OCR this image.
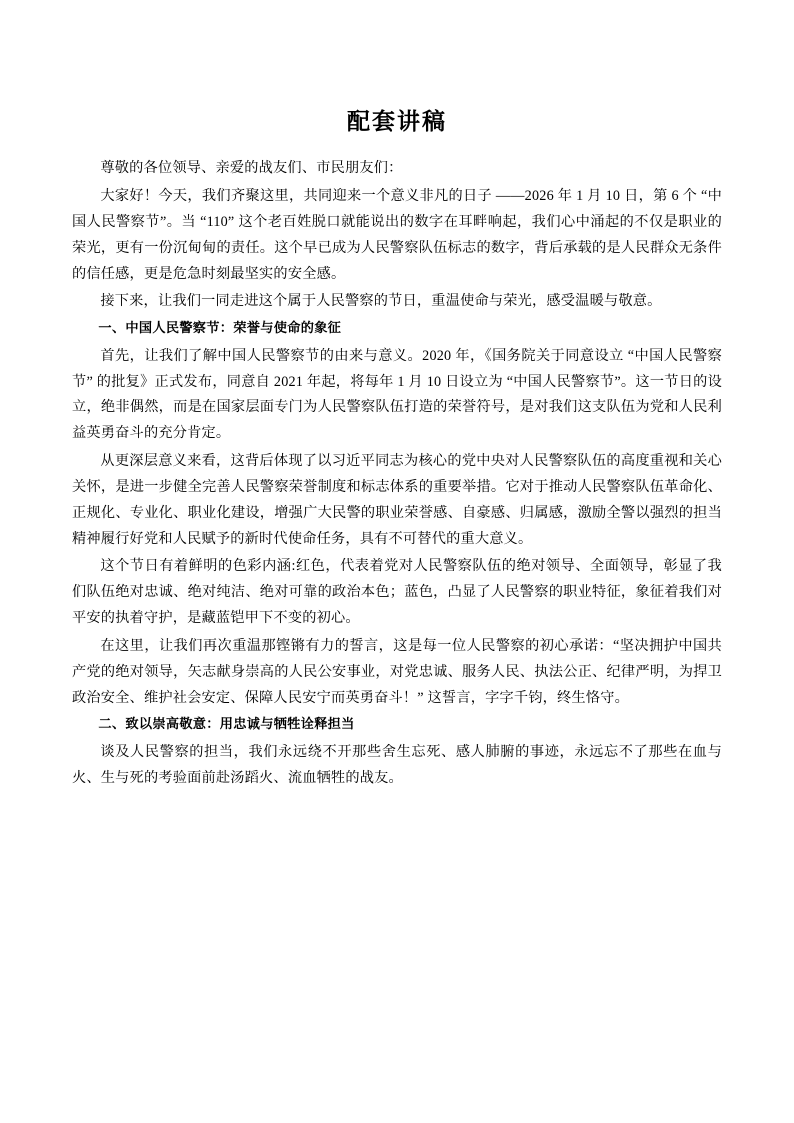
配套讲稿

尊敬的各位领导、亲爱的战友们、市民朋友们：

大家好！今天，我们齐聚这里，共同迎来一个意义非凡的日子 ——2026 年 1 月 10 日，第 6 个 “中国人民警察节”。当 “110” 这个老百姓脱口就能说出的数字在耳畔响起，我们心中涌起的不仅是职业的荣光，更有一份沉甸甸的责任。这个早已成为人民警察队伍标志的数字，背后承载的是人民群众无条件的信任感，更是危急时刻最坚实的安全感。

接下来，让我们一同走进这个属于人民警察的节日，重温使命与荣光，感受温暖与敬意。

一、中国人民警察节：荣誉与使命的象征

首先，让我们了解中国人民警察节的由来与意义。2020 年，《国务院关于同意设立 “中国人民警察节” 的批复》正式发布，同意自 2021 年起，将每年 1 月 10 日设立为 “中国人民警察节”。这一节日的设立，绝非偶然，而是在国家层面专门为人民警察队伍打造的荣誉符号，是对我们这支队伍为党和人民利益英勇奋斗的充分肯定。

从更深层意义来看，这背后体现了以习近平同志为核心的党中央对人民警察队伍的高度重视和关心关怀，是进一步健全完善人民警察荣誉制度和标志体系的重要举措。它对于推动人民警察队伍革命化、正规化、专业化、职业化建设，增强广大民警的职业荣誉感、自豪感、归属感，激励全警以强烈的担当精神履行好党和人民赋予的新时代使命任务，具有不可替代的重大意义。

这个节日有着鲜明的色彩内涵:红色，代表着党对人民警察队伍的绝对领导、全面领导，彰显了我们队伍绝对忠诚、绝对纯洁、绝对可靠的政治本色；蓝色，凸显了人民警察的职业特征，象征着我们对平安的执着守护，是藏蓝铠甲下不变的初心。

在这里，让我们再次重温那铿锵有力的誓言，这是每一位人民警察的初心承诺：“坚决拥护中国共产党的绝对领导，矢志献身崇高的人民公安事业，对党忠诚、服务人民、执法公正、纪律严明，为捍卫政治安全、维护社会安定、保障人民安宁而英勇奋斗！” 这誓言，字字千钧，终生恪守。

二、致以崇高敬意：用忠诚与牺牲诠释担当

谈及人民警察的担当，我们永远绕不开那些舍生忘死、感人肺腑的事迹，永远忘不了那些在血与火、生与死的考验面前赴汤蹈火、流血牺牲的战友。
